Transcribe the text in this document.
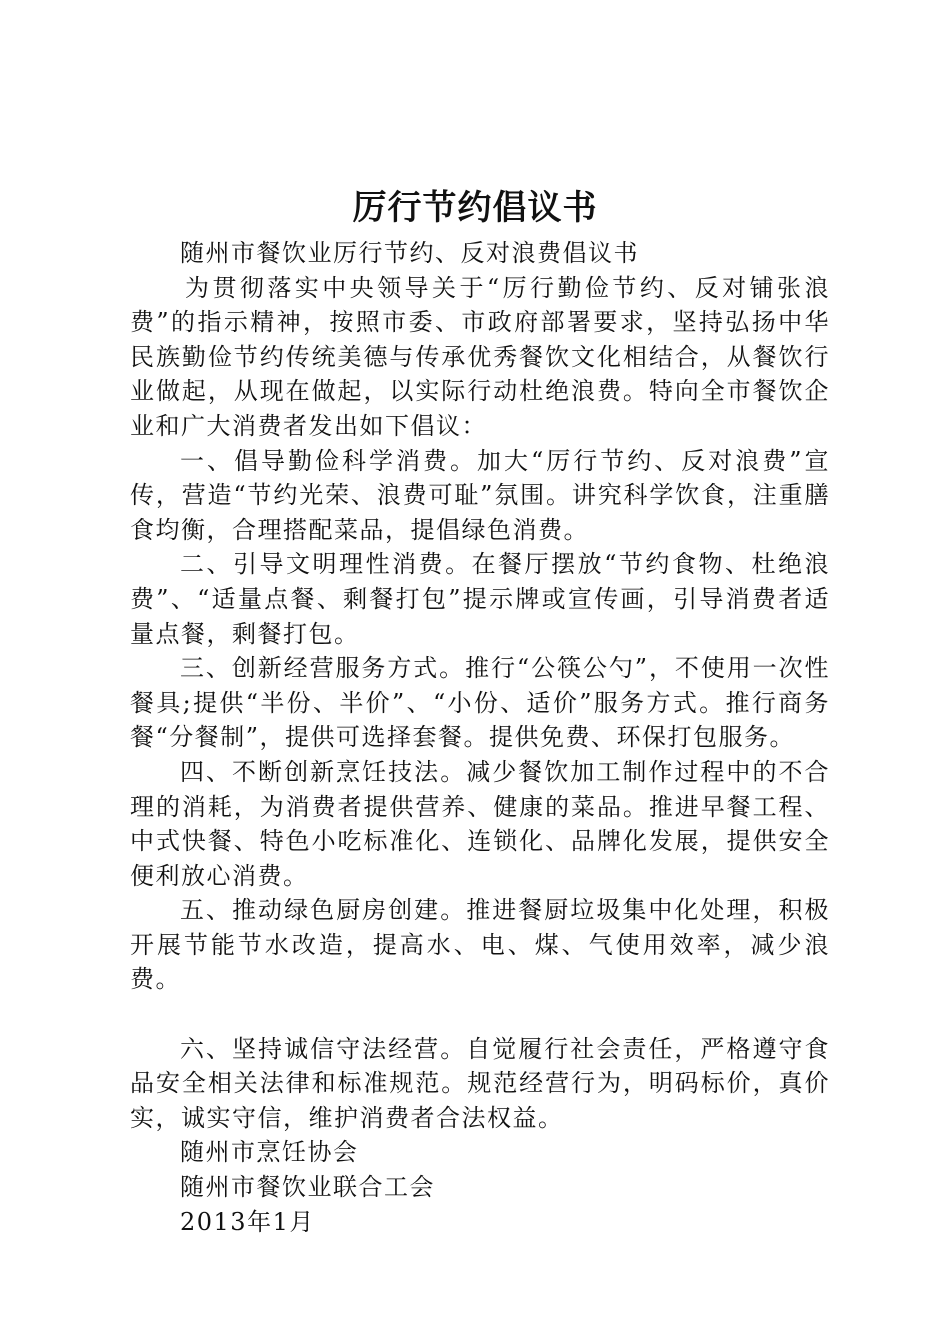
厉行节约倡议书

随州市餐饮业厉行节约、反对浪费倡议书

为贯彻落实中央领导关于“厉行勤俭节约、反对铺张浪费”的指示精神，按照市委、市政府部署要求，坚持弘扬中华民族勤俭节约传统美德与传承优秀餐饮文化相结合，从餐饮行业做起，从现在做起，以实际行动杜绝浪费。特向全市餐饮企业和广大消费者发出如下倡议：

一、倡导勤俭科学消费。加大“厉行节约、反对浪费”宣传，营造“节约光荣、浪费可耻”氛围。讲究科学饮食，注重膳食均衡，合理搭配菜品，提倡绿色消费。

二、引导文明理性消费。在餐厅摆放“节约食物、杜绝浪费”、“适量点餐、剩餐打包”提示牌或宣传画，引导消费者适量点餐，剩餐打包。

三、创新经营服务方式。推行“公筷公勺”，不使用一次性餐具;提供“半份、半价”、“小份、适价”服务方式。推行商务餐“分餐制”，提供可选择套餐。提供免费、环保打包服务。

四、不断创新烹饪技法。减少餐饮加工制作过程中的不合理的消耗，为消费者提供营养、健康的菜品。推进早餐工程、中式快餐、特色小吃标准化、连锁化、品牌化发展，提供安全便利放心消费。

五、推动绿色厨房创建。推进餐厨垃圾集中化处理，积极开展节能节水改造，提高水、电、煤、气使用效率，减少浪费。

六、坚持诚信守法经营。自觉履行社会责任，严格遵守食品安全相关法律和标准规范。规范经营行为，明码标价，真价实，诚实守信，维护消费者合法权益。

随州市烹饪协会

随州市餐饮业联合工会

2013年1月
